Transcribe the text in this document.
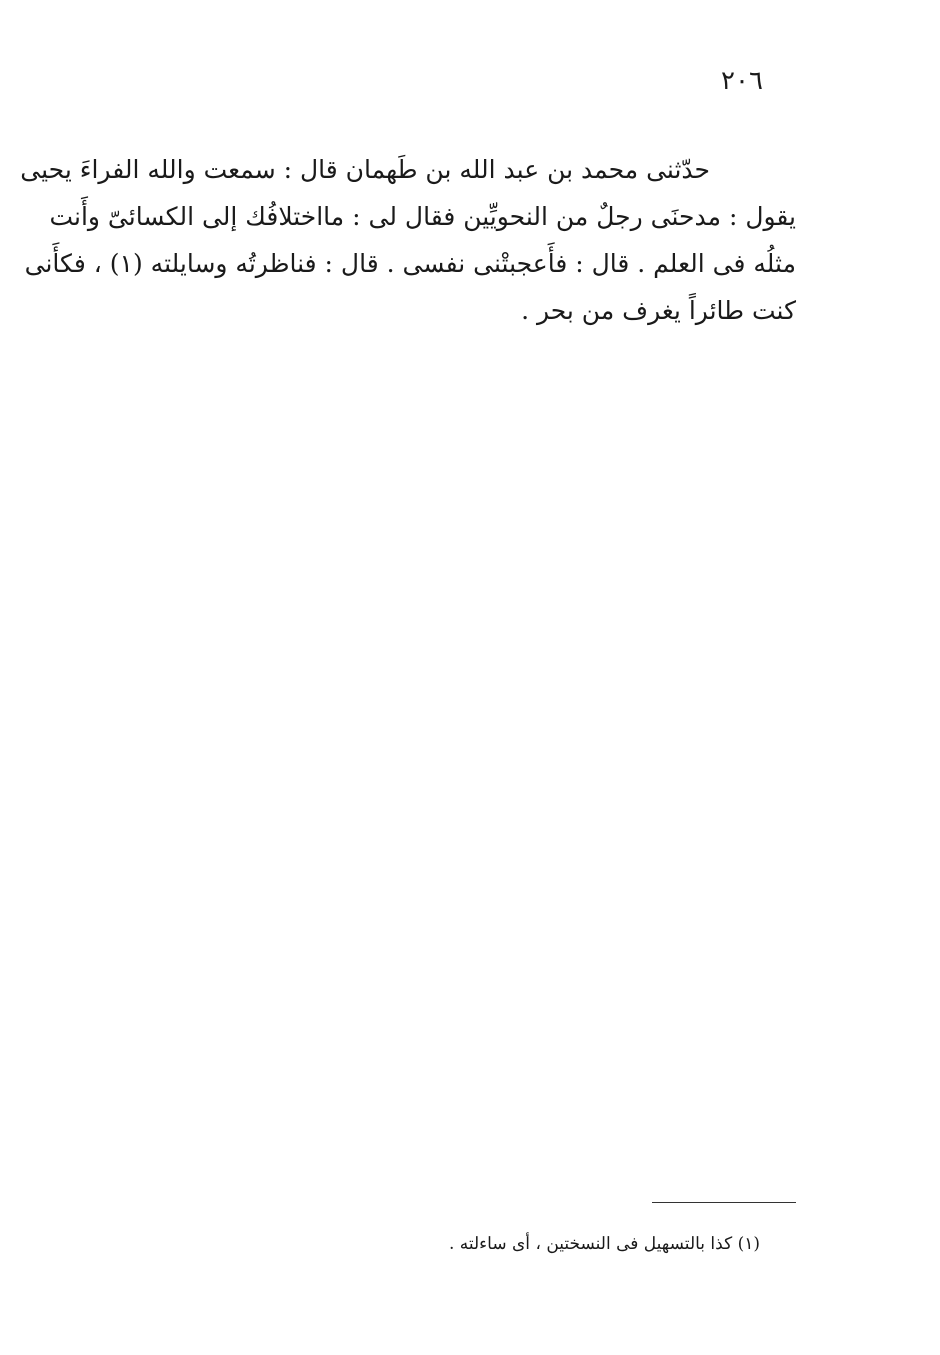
٢٠٦
حدّثنى محمد بن عبد الله بن طَهمان قال : سمعت والله الفراءَ يحيى
يقول : مدحنَى رجلٌ من النحويِّين فقال لى : مااختلافُك إلى الكسائىّ وأَنت
مثلُه فى العلم . قال : فأَعجبتْنى نفسى . قال : فناظرتُه وسايلته (١) ، فكأَنى
كنت طائراً يغرف من بحر .
(١) كذا بالتسهيل فى النسختين ، أى ساءلته .
